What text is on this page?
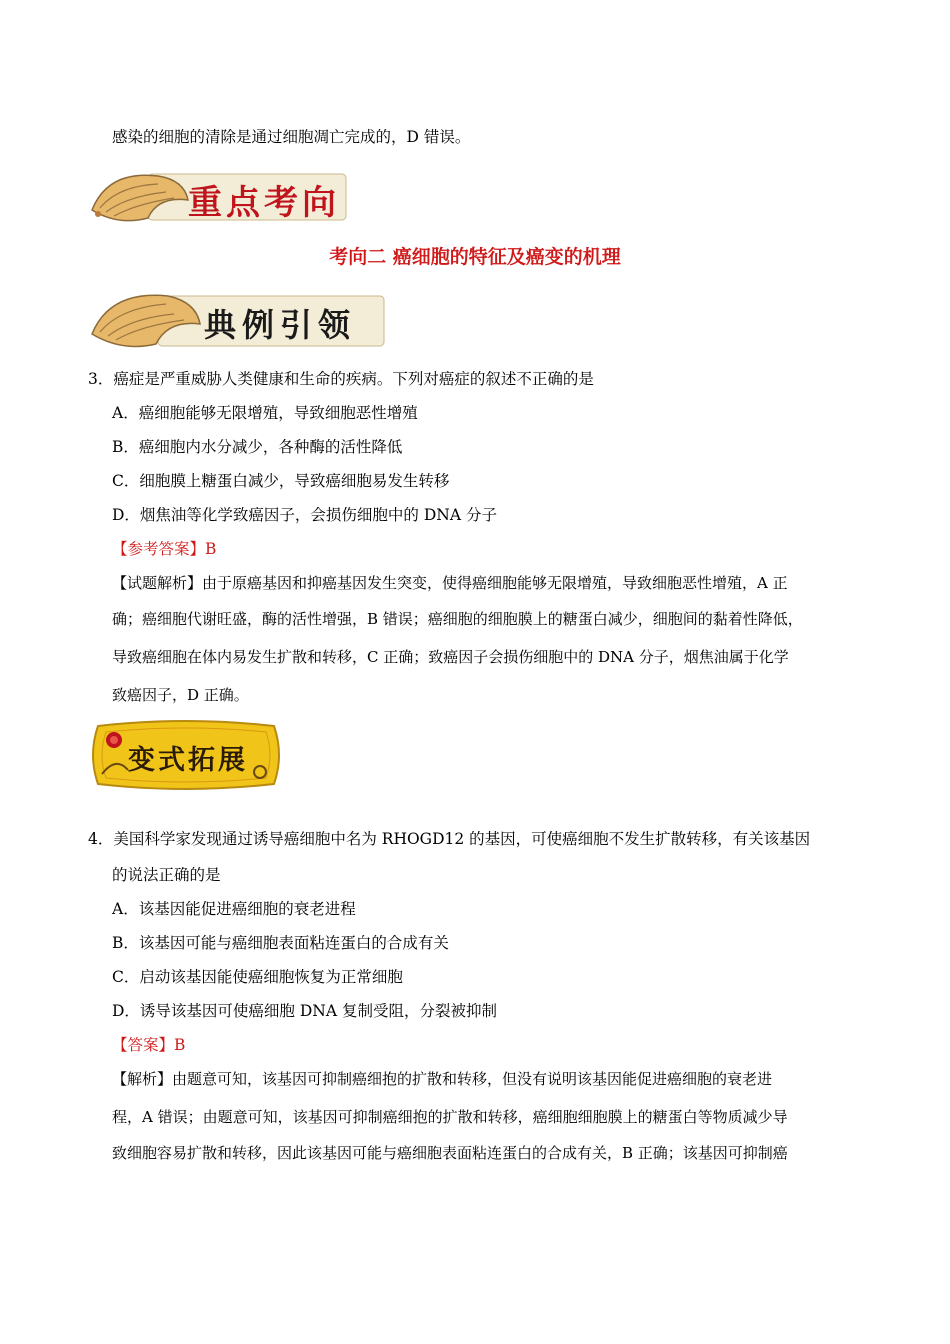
感染的细胞的清除是通过细胞凋亡完成的，D 错误。
重点考向
考向二 癌细胞的特征及癌变的机理
典例引领
3．癌症是严重威胁人类健康和生命的疾病。下列对癌症的叙述不正确的是
A．癌细胞能够无限增殖，导致细胞恶性增殖
B．癌细胞内水分减少，各种酶的活性降低
C．细胞膜上糖蛋白减少，导致癌细胞易发生转移
D．烟焦油等化学致癌因子，会损伤细胞中的 DNA 分子
【参考答案】B
【试题解析】由于原癌基因和抑癌基因发生突变，使得癌细胞能够无限增殖，导致细胞恶性增殖，A 正
确；癌细胞代谢旺盛，酶的活性增强，B 错误；癌细胞的细胞膜上的糖蛋白减少，细胞间的黏着性降低，
导致癌细胞在体内易发生扩散和转移，C 正确；致癌因子会损伤细胞中的 DNA 分子，烟焦油属于化学
致癌因子，D 正确。
变式拓展
4．美国科学家发现通过诱导癌细胞中名为 RHOGD12 的基因，可使癌细胞不发生扩散转移，有关该基因
的说法正确的是
A．该基因能促进癌细胞的衰老进程
B．该基因可能与癌细胞表面粘连蛋白的合成有关
C．启动该基因能使癌细胞恢复为正常细胞
D．诱导该基因可使癌细胞 DNA 复制受阻，分裂被抑制
【答案】B
【解析】由题意可知，该基因可抑制癌细抱的扩散和转移，但没有说明该基因能促进癌细胞的衰老进
程，A 错误；由题意可知，该基因可抑制癌细抱的扩散和转移，癌细胞细胞膜上的糖蛋白等物质减少导
致细胞容易扩散和转移，因此该基因可能与癌细胞表面粘连蛋白的合成有关，B 正确；该基因可抑制癌
